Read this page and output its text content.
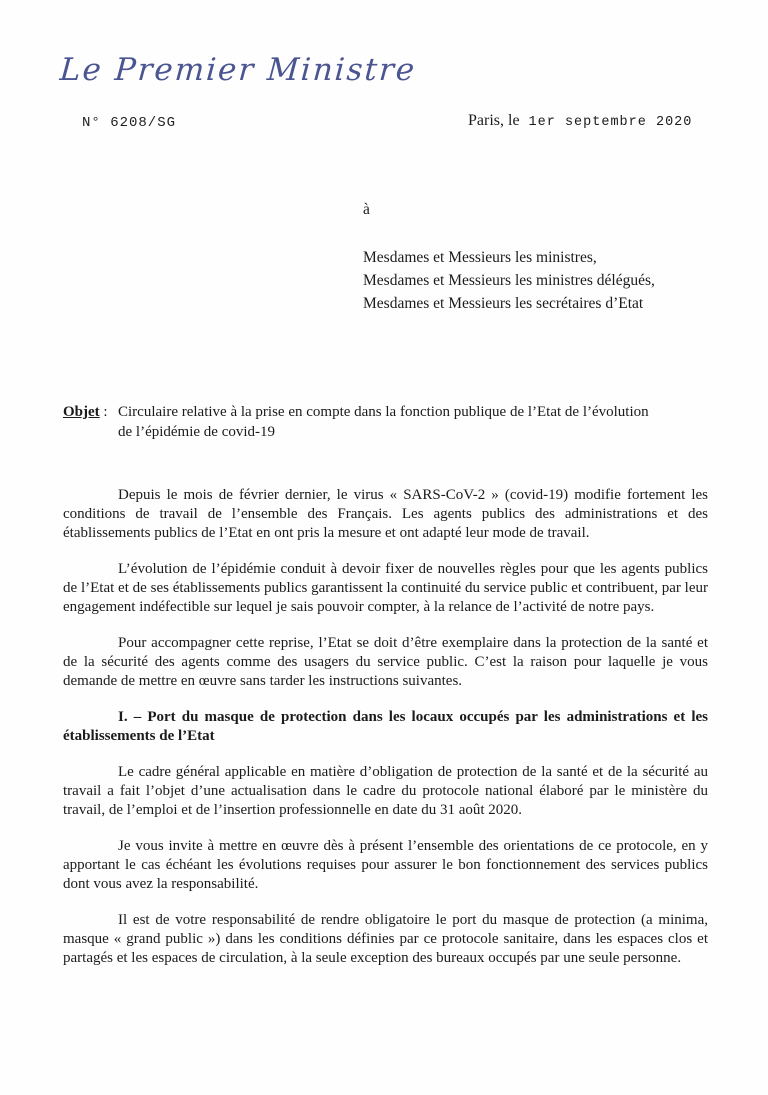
Le Premier Ministre
N° 6208/SG	Paris, le 1er septembre 2020
à
Mesdames et Messieurs les ministres,
Mesdames et Messieurs les ministres délégués,
Mesdames et Messieurs les secrétaires d’Etat
Objet : Circulaire relative à la prise en compte dans la fonction publique de l’Etat de l’évolution
de l’épidémie de covid-19

Depuis le mois de février dernier, le virus « SARS-CoV-2 » (covid-19) modifie fortement les conditions de travail de l’ensemble des Français. Les agents publics des administrations et des établissements publics de l’Etat en ont pris la mesure et ont adapté leur mode de travail.

L’évolution de l’épidémie conduit à devoir fixer de nouvelles règles pour que les agents publics de l’Etat et de ses établissements publics garantissent la continuité du service public et contribuent, par leur engagement indéfectible sur lequel je sais pouvoir compter, à la relance de l’activité de notre pays.

Pour accompagner cette reprise, l’Etat se doit d’être exemplaire dans la protection de la santé et de la sécurité des agents comme des usagers du service public. C’est la raison pour laquelle je vous demande de mettre en œuvre sans tarder les instructions suivantes.

I. – Port du masque de protection dans les locaux occupés par les administrations et les établissements de l’Etat

Le cadre général applicable en matière d’obligation de protection de la santé et de la sécurité au travail a fait l’objet d’une actualisation dans le cadre du protocole national élaboré par le ministère du travail, de l’emploi et de l’insertion professionnelle en date du 31 août 2020.

Je vous invite à mettre en œuvre dès à présent l’ensemble des orientations de ce protocole, en y apportant le cas échéant les évolutions requises pour assurer le bon fonctionnement des services publics dont vous avez la responsabilité.

Il est de votre responsabilité de rendre obligatoire le port du masque de protection (a minima, masque « grand public ») dans les conditions définies par ce protocole sanitaire, dans les espaces clos et partagés et les espaces de circulation, à la seule exception des bureaux occupés par une seule personne.
